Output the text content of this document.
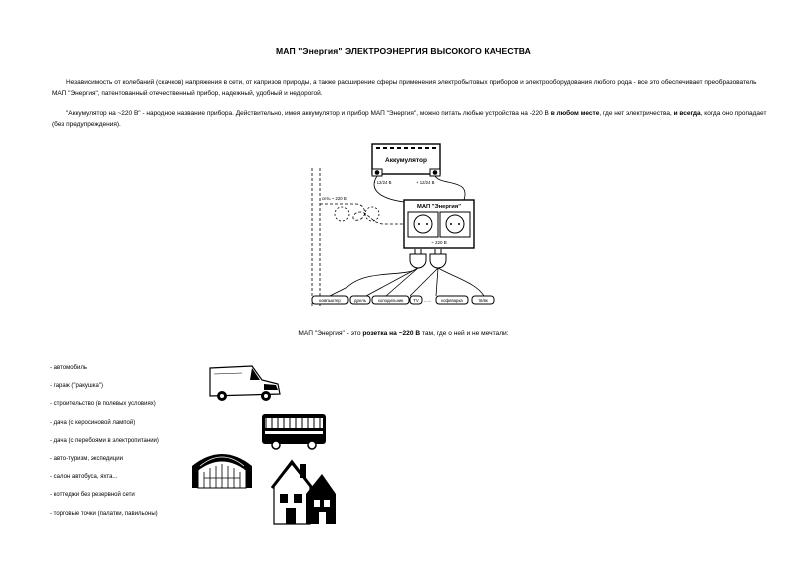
МАП "Энергия" ЭЛЕКТРОЭНЕРГИЯ ВЫСОКОГО КАЧЕСТВА

Независимость от колебаний (скачков) напряжения в сети, от капризов природы, а также расширение сферы применения электробытовых приборов и электрооборудования любого рода - все это обеспечивает преобразователь МАП "Энергия", патентованный отечественный прибор, надежный, удобный и недорогой.

"Аккумулятор на ~220 В" - народное название прибора. Действительно, имея аккумулятор и прибор МАП "Энергия", можно питать любые устройства на -220 В в любом месте, где нет электричества, и всегда, когда оно пропадает (без предупреждения).

Аккумулятор
- 12/24 В	+ 12/24 В
сеть ~ 220 В
МАП "Энергия"
~ 220 В
компьютер	дрель	холодильник TV ...... кофеварка	тв/вк
МАП "Энергия" - это розетка на ~220 В там, где о ней и не мечтали:
- автомобиль
- гараж ("ракушка")
- строительство (в полевых условиях)
- дача (с керосиновой лампой)
- дача (с перебоями в электропитании)
- авто-туризм, экспедиции
- салон автобуса, яхта...
- коттеджи без резервной сети
- торговые точки (палатки, павильоны)
